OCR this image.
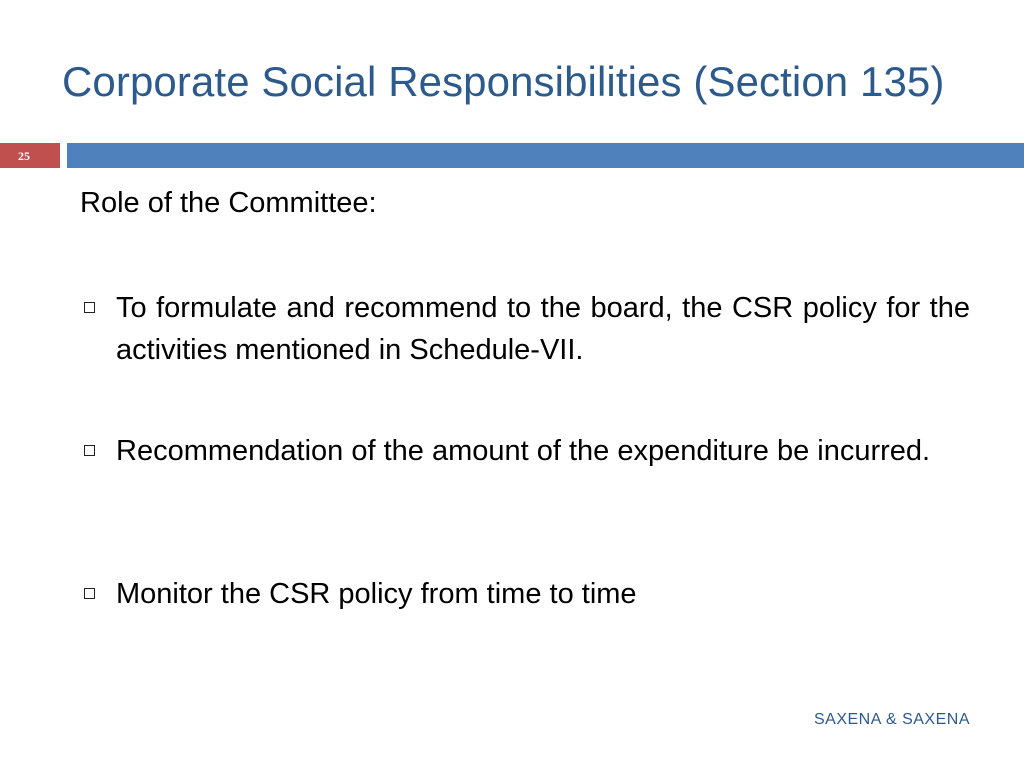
Corporate Social Responsibilities (Section 135)
25
Role of the Committee:
To formulate and recommend to the board, the CSR policy for the activities mentioned in Schedule-VII.
Recommendation of the amount of the expenditure be incurred.
Monitor the CSR policy from time to time
SAXENA & SAXENA
